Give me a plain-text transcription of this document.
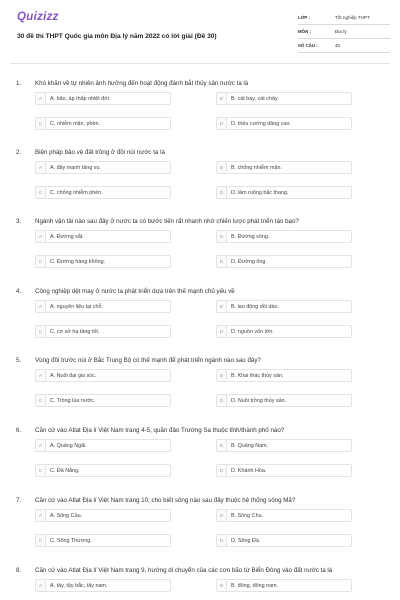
Quizizz
30 đề thi THPT Quốc gia môn Địa lý năm 2022 có lời giải (Đề 30)
LỚP :	Tốt nghiệp THPT
MÔN :	Địa lý
SỐ CÂU :	40
1. Khó khăn về tự nhiên ảnh hưởng đến hoạt động đánh bắt thủy sản nước ta là
A	A. bão, áp thấp nhiệt đới.	B	B. cát bay, cát chảy.
C	C. nhiễm mặn, phèn.	D	D. triều cường dâng cao.
2. Biện pháp bảo vệ đất trồng ở đồi núi nước ta là
A	A. đẩy mạnh tăng vụ.	B	B. chống nhiễm mặn.
C	C. chống nhiễm phèn.	D	D. làm ruộng bậc thang.
3. Ngành vận tải nào sau đây ở nước ta có bước tiến rất nhanh nhờ chiến lược phát triển táo bạo?
A	A. Đường sắt.	B	B. Đường sông.
C	C. Đường hàng không.	D	D. Đường ống.
4. Công nghiệp dệt may ở nước ta phát triển dựa trên thế mạnh chủ yếu về
A	A. nguyên liệu tại chỗ.	B	B. lao động dồi dào.
C	C. cơ sở hạ tầng tốt.	D	D. nguồn vốn lớn.
5. Vùng đồi trước núi ở Bắc Trung Bộ có thế mạnh để phát triển ngành nào sau đây?
A	A. Nuôi đại gia súc.	B	B. Khai thác thủy sản.
C	C. Trồng lúa nước.	D	D. Nuôi trồng thủy sản.
6. Căn cứ vào Atlat Địa lí Việt Nam trang 4-5, quần đảo Trường Sa thuộc tỉnh/thành phố nào?
A	A. Quảng Ngãi.	B	B. Quảng Nam.
C	C. Đà Nẵng.	D	D. Khánh Hòa.
7. Căn cứ vào Atlat Địa lí Việt Nam trang 10, cho biết sông nào sau đây thuộc hệ thống sông Mã?
A	A. Sông Cầu.	B	B. Sông Chu.
C	C. Sông Thương.	D	D. Sông Đà.
8. Căn cứ vào Atlat Địa lí Việt Nam trang 9, hướng di chuyển của các cơn bão từ Biển Đông vào đất nước ta là
A	A. tây, tây bắc, tây nam.	B	B. đông, đông nam.
